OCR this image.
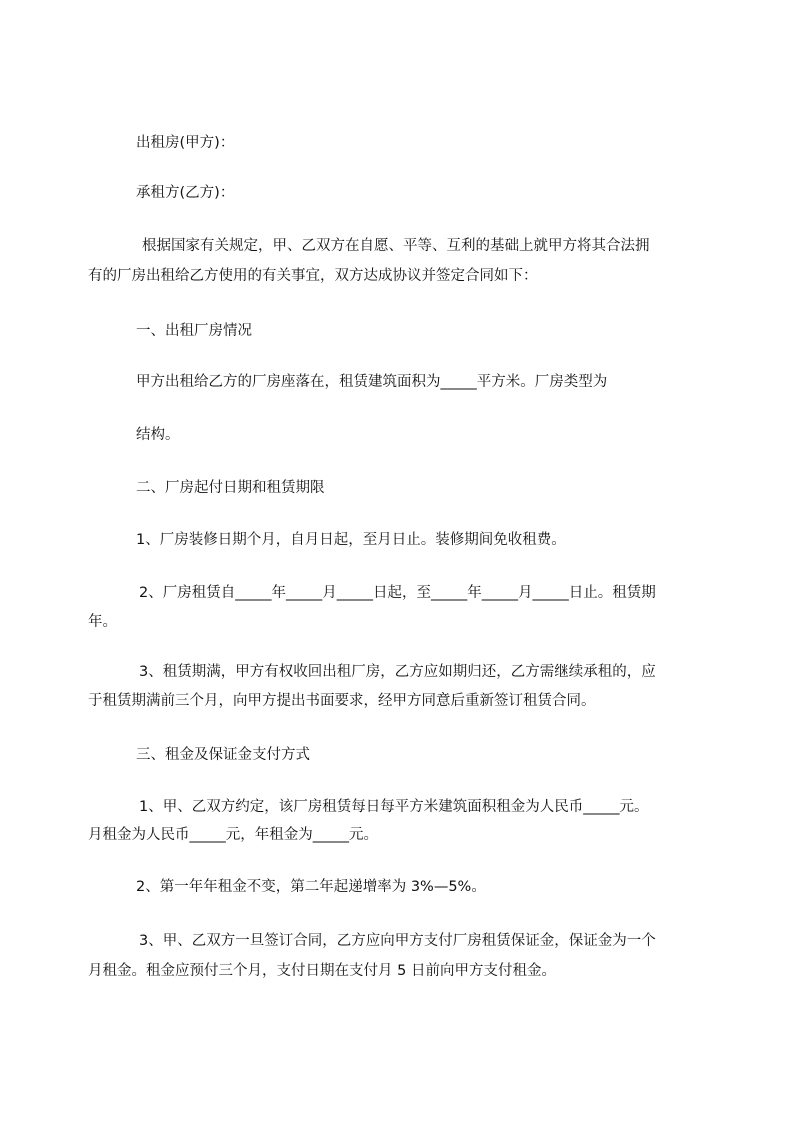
出租房(甲方)：
承租方(乙方)：
根据国家有关规定，甲、乙双方在自愿、平等、互利的基础上就甲方将其合法拥
有的厂房出租给乙方使用的有关事宜，双方达成协议并签定合同如下：
一、出租厂房情况
甲方出租给乙方的厂房座落在，租赁建筑面积为_____平方米。厂房类型为
结构。
二、厂房起付日期和租赁期限
1、厂房装修日期个月，自月日起，至月日止。装修期间免收租费。
2、厂房租赁自_____年_____月_____日起，至_____年_____月_____日止。租赁期
年。
3、租赁期满，甲方有权收回出租厂房，乙方应如期归还，乙方需继续承租的，应
于租赁期满前三个月，向甲方提出书面要求，经甲方同意后重新签订租赁合同。
三、租金及保证金支付方式
1、甲、乙双方约定，该厂房租赁每日每平方米建筑面积租金为人民币_____元。
月租金为人民币_____元，年租金为_____元。
2、第一年年租金不变，第二年起递增率为 3%—5%。
3、甲、乙双方一旦签订合同，乙方应向甲方支付厂房租赁保证金，保证金为一个
月租金。租金应预付三个月，支付日期在支付月 5 日前向甲方支付租金。
